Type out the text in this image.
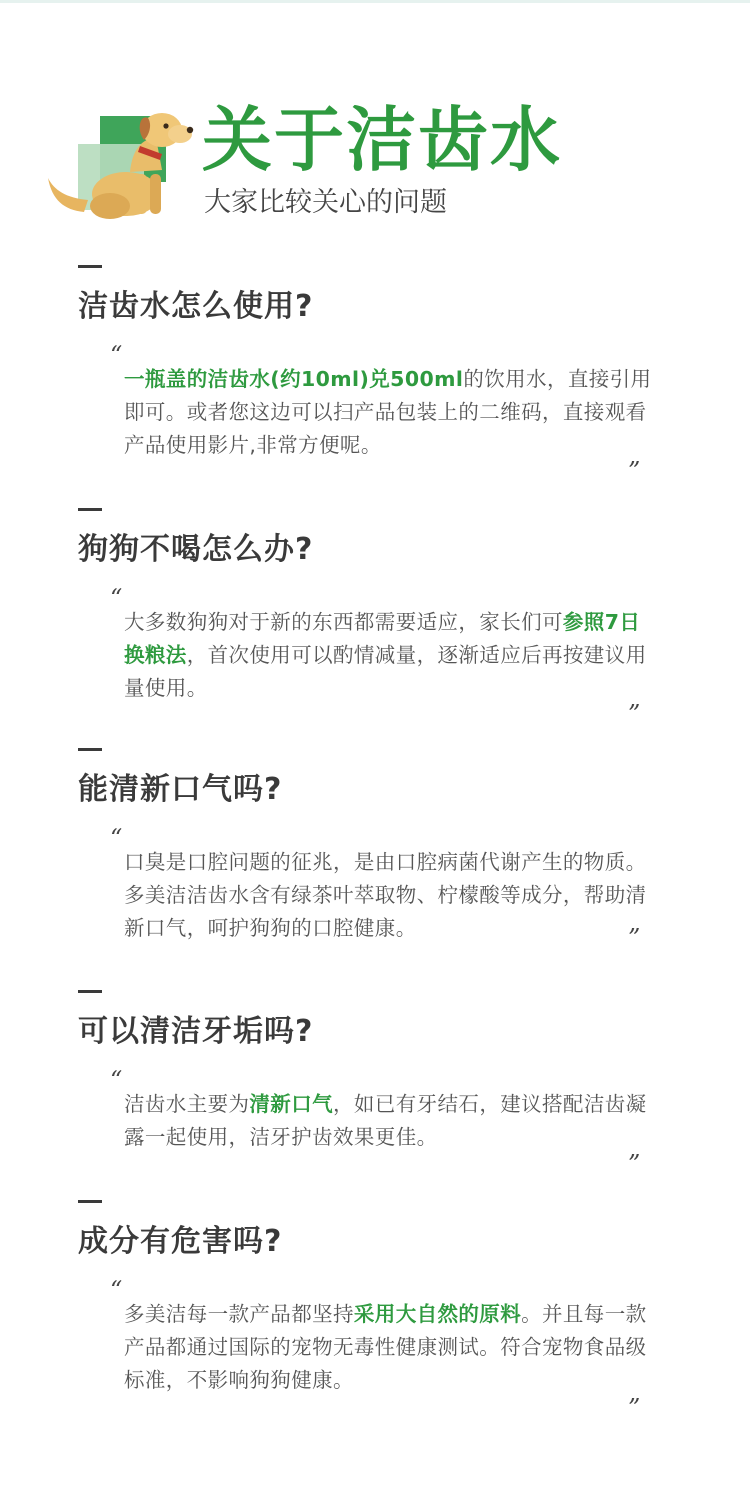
关于洁齿水
大家比较关心的问题
洁齿水怎么使用?
“
一瓶盖的洁齿水(约10ml)兑500ml的饮用水，直接引用即可。或者您这边可以扫产品包装上的二维码，直接观看产品使用影片,非常方便呢。
”
狗狗不喝怎么办?
“
大多数狗狗对于新的东西都需要适应，家长们可参照7日换粮法，首次使用可以酌情减量，逐渐适应后再按建议用量使用。
”
能清新口气吗?
“
口臭是口腔问题的征兆，是由口腔病菌代谢产生的物质。多美洁洁齿水含有绿茶叶萃取物、柠檬酸等成分，帮助清新口气，呵护狗狗的口腔健康。	”
可以清洁牙垢吗?
“
洁齿水主要为清新口气，如已有牙结石，建议搭配洁齿凝露一起使用，洁牙护齿效果更佳。
”
成分有危害吗?
“
多美洁每一款产品都坚持采用大自然的原料。并且每一款产品都通过国际的宠物无毒性健康测试。符合宠物食品级标准，不影响狗狗健康。
”
